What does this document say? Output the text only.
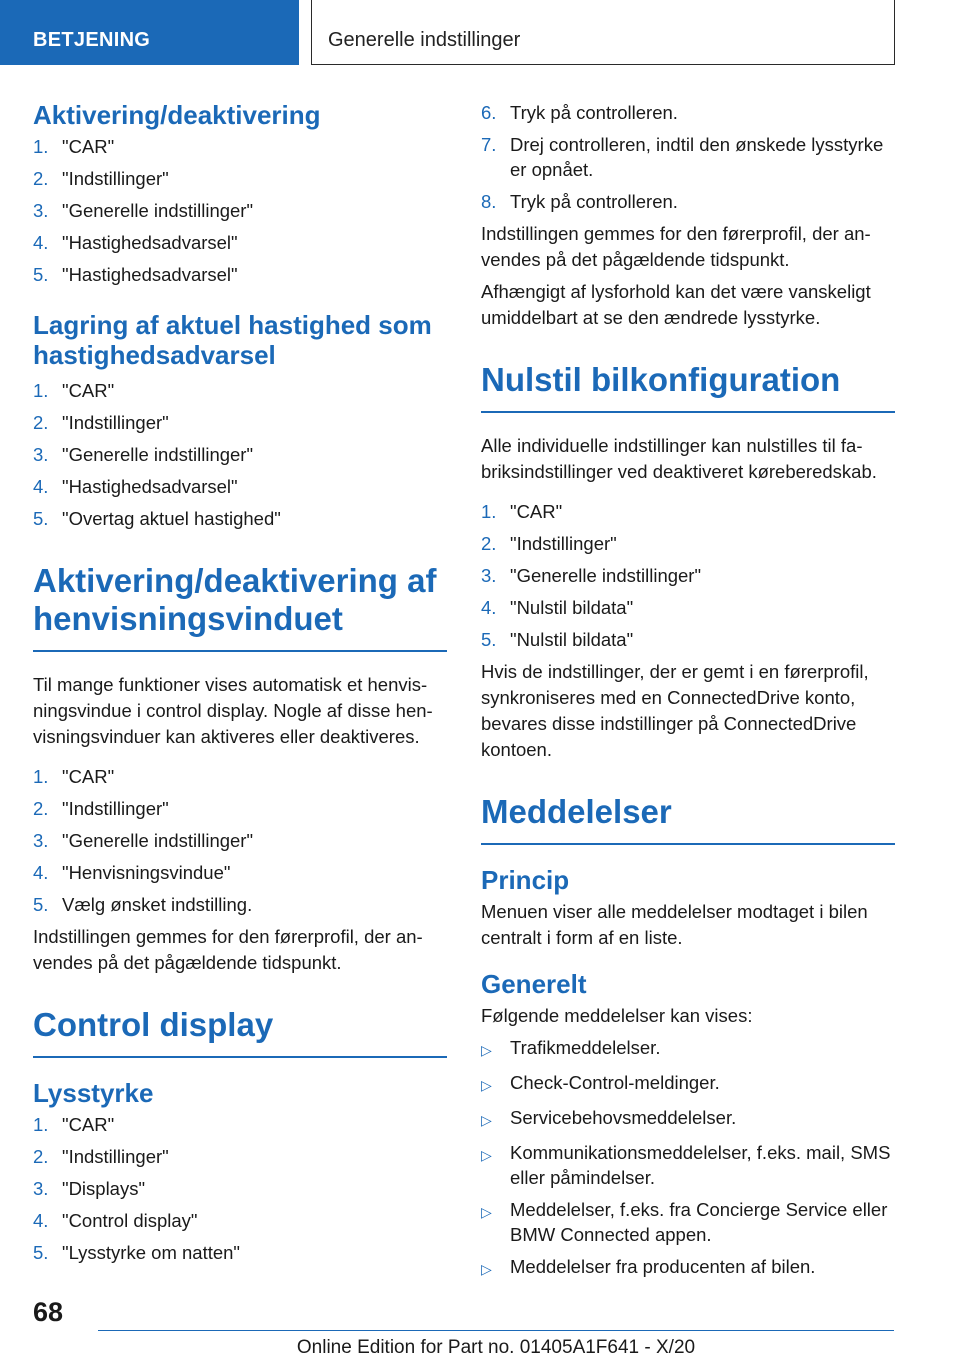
BETJENING	Generelle indstillinger
Aktivering/deaktivering
1. "CAR"
2. "Indstillinger"
3. "Generelle indstillinger"
4. "Hastighedsadvarsel"
5. "Hastighedsadvarsel"
Lagring af aktuel hastighed som hastighedsadvarsel
1. "CAR"
2. "Indstillinger"
3. "Generelle indstillinger"
4. "Hastighedsadvarsel"
5. "Overtag aktuel hastighed"
Aktivering/deaktivering af henvisningsvinduet
Til mange funktioner vises automatisk et henvis-ningsvindue i control display. Nogle af disse hen-visningsvinduer kan aktiveres eller deaktiveres.
1. "CAR"
2. "Indstillinger"
3. "Generelle indstillinger"
4. "Henvisningsvindue"
5. Vælg ønsket indstilling.
Indstillingen gemmes for den førerprofil, der an-vendes på det pågældende tidspunkt.
Control display
Lysstyrke
1. "CAR"
2. "Indstillinger"
3. "Displays"
4. "Control display"
5. "Lysstyrke om natten"
6. Tryk på controlleren.
7. Drej controlleren, indtil den ønskede lysstyrke er opnået.
8. Tryk på controlleren.
Indstillingen gemmes for den førerprofil, der an-vendes på det pågældende tidspunkt.
Afhængigt af lysforhold kan det være vanskeligt umiddelbart at se den ændrede lysstyrke.
Nulstil bilkonfiguration
Alle individuelle indstillinger kan nulstilles til fa-briksindstillinger ved deaktiveret køreberedskab.
1. "CAR"
2. "Indstillinger"
3. "Generelle indstillinger"
4. "Nulstil bildata"
5. "Nulstil bildata"
Hvis de indstillinger, der er gemt i en førerprofil, synkroniseres med en ConnectedDrive konto, bevares disse indstillinger på ConnectedDrive kontoen.
Meddelelser
Princip
Menuen viser alle meddelelser modtaget i bilen centralt i form af en liste.
Generelt
Følgende meddelelser kan vises:
▷ Trafikmeddelelser.
▷ Check-Control-meldinger.
▷ Servicebehovsmeddelelser.
▷ Kommunikationsmeddelelser, f.eks. mail, SMS eller påmindelser.
▷ Meddelelser, f.eks. fra Concierge Service eller BMW Connected appen.
▷ Meddelelser fra producenten af bilen.
68
Online Edition for Part no. 01405A1F641 - X/20
